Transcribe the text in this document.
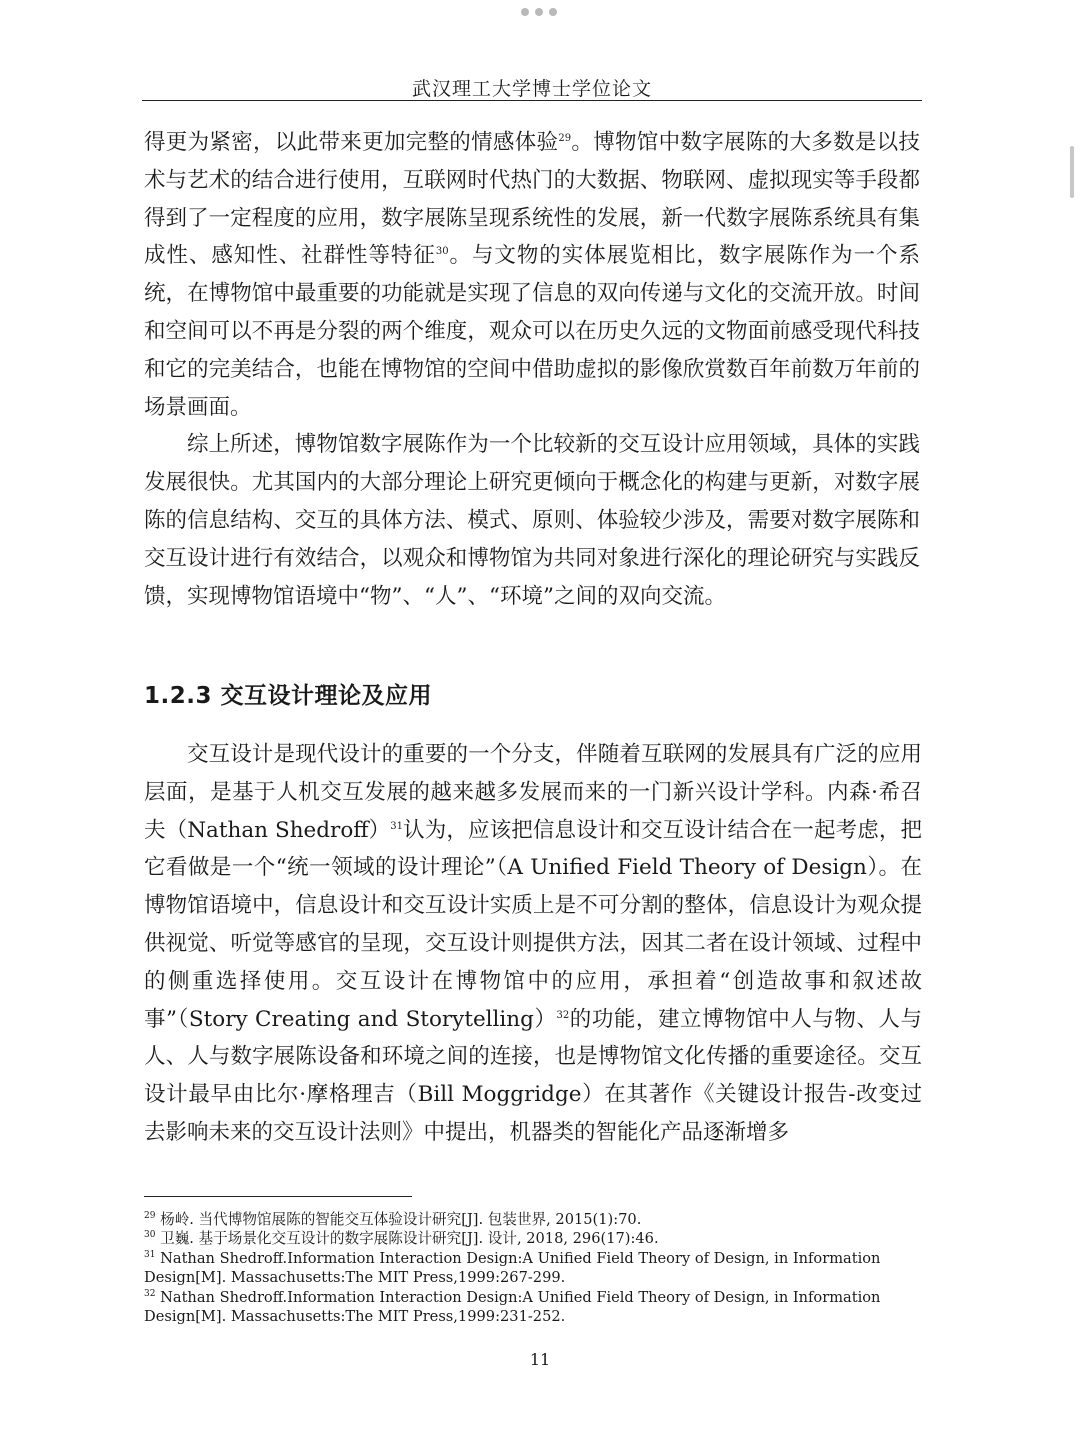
武汉理工大学博士学位论文

得更为紧密，以此带来更加完整的情感体验$^{29}$。博物馆中数字展陈的大多数是以技术与艺术的结合进行使用，互联网时代热门的大数据、物联网、虚拟现实等手段都得到了一定程度的应用，数字展陈呈现系统性的发展，新一代数字展陈系统具有集成性、感知性、社群性等特征$^{30}$。与文物的实体展览相比，数字展陈作为一个系统，在博物馆中最重要的功能就是实现了信息的双向传递与文化的交流开放。时间和空间可以不再是分裂的两个维度，观众可以在历史久远的文物面前感受现代科技和它的完美结合，也能在博物馆的空间中借助虚拟的影像欣赏数百年前数万年前的场景画面。

综上所述，博物馆数字展陈作为一个比较新的交互设计应用领域，具体的实践发展很快。尤其国内的大部分理论上研究更倾向于概念化的构建与更新，对数字展陈的信息结构、交互的具体方法、模式、原则、体验较少涉及，需要对数字展陈和交互设计进行有效结合，以观众和博物馆为共同对象进行深化的理论研究与实践反馈，实现博物馆语境中“物”、“人”、“环境”之间的双向交流。

1.2.3 交互设计理论及应用

交互设计是现代设计的重要的一个分支，伴随着互联网的发展具有广泛的应用层面，是基于人机交互发展的越来越多发展而来的一门新兴设计学科。内森·希召夫（Nathan Shedroff）$^{31}$认为，应该把信息设计和交互设计结合在一起考虑，把它看做是一个“统一领域的设计理论”（A Unified Field Theory of Design）。在博物馆语境中，信息设计和交互设计实质上是不可分割的整体，信息设计为观众提供视觉、听觉等感官的呈现，交互设计则提供方法，因其二者在设计领域、过程中的侧重选择使用。交互设计在博物馆中的应用，承担着“创造故事和叙述故事”（Story Creating and Storytelling）$^{32}$的功能，建立博物馆中人与物、人与人、人与数字展陈设备和环境之间的连接，也是博物馆文化传播的重要途径。交互设计最早由比尔·摩格理吉（Bill Moggridge）在其著作《关键设计报告-改变过去影响未来的交互设计法则》中提出，机器类的智能化产品逐渐增多

$^{29}$ 杨岭. 当代博物馆展陈的智能交互体验设计研究[J]. 包装世界, 2015(1):70.

$^{30}$ 卫巍. 基于场景化交互设计的数字展陈设计研究[J]. 设计, 2018, 296(17):46.

$^{31}$ Nathan Shedroff.Information Interaction Design:A Unified Field Theory of Design, in Information Design[M]. Massachusetts:The MIT Press,1999:267-299.

$^{32}$ Nathan Shedroff.Information Interaction Design:A Unified Field Theory of Design, in Information Design[M]. Massachusetts:The MIT Press,1999:231-252.

11
